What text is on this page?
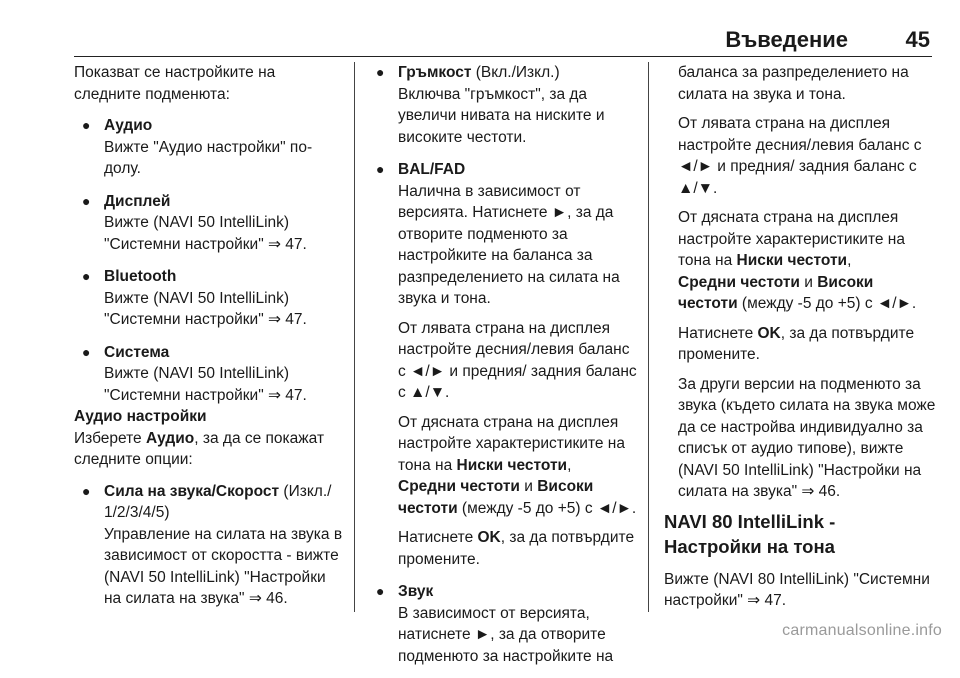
Въведение	45

Показват се настройките на следните подменюта:

● Аудио
Вижте "Аудио настройки" по-долу.
● Дисплей
Вижте (NAVI 50 IntelliLink) "Системни настройки" ⇒ 47.
● Bluetooth
Вижте (NAVI 50 IntelliLink) "Системни настройки" ⇒ 47.
● Система
Вижте (NAVI 50 IntelliLink) "Системни настройки" ⇒ 47.
Аудио настройки

Изберете Аудио, за да се покажат следните опции:

● Сила на звука/Скорост (Изкл./ 1/2/3/4/5)
Управление на силата на звука в зависимост от скоростта - вижте (NAVI 50 IntelliLink) "Настройки на силата на звука" ⇒ 46.
● Гръмкост (Вкл./Изкл.)
Включва "гръмкост", за да увеличи нивата на ниските и високите честоти.
● BAL/FAD
Налична в зависимост от версията. Натиснете ►, за да отворите подменюто за настройките на баланса за разпределението на силата на звука и тона.
От лявата страна на дисплея настройте десния/левия баланс с ◄/► и предния/ задния баланс с ▲/▼.
От дясната страна на дисплея настройте характеристиките на тона на Ниски честоти,
Средни честоти и Високи честоти (между -5 до +5) с ◄/►.
Натиснете OK, за да потвърдите промените.
● Звук
В зависимост от версията, натиснете ►, за да отворите подменюто за настройките на
баланса за разпределението на силата на звука и тона.
От лявата страна на дисплея настройте десния/левия баланс с ◄/► и предния/ задния баланс с ▲/▼.
От дясната страна на дисплея настройте характеристиките на тона на Ниски честоти,
Средни честоти и Високи честоти (между -5 до +5) с ◄/►.
Натиснете OK, за да потвърдите промените.
За други версии на подменюто за звука (където силата на звука може да се настройва индивидуално за списък от аудио типове), вижте (NAVI 50 IntelliLink) "Настройки на силата на звука" ⇒ 46.
NAVI 80 IntelliLink - Настройки на тона

Вижте (NAVI 80 IntelliLink) "Системни настройки" ⇒ 47.

carmanualsonline.info
